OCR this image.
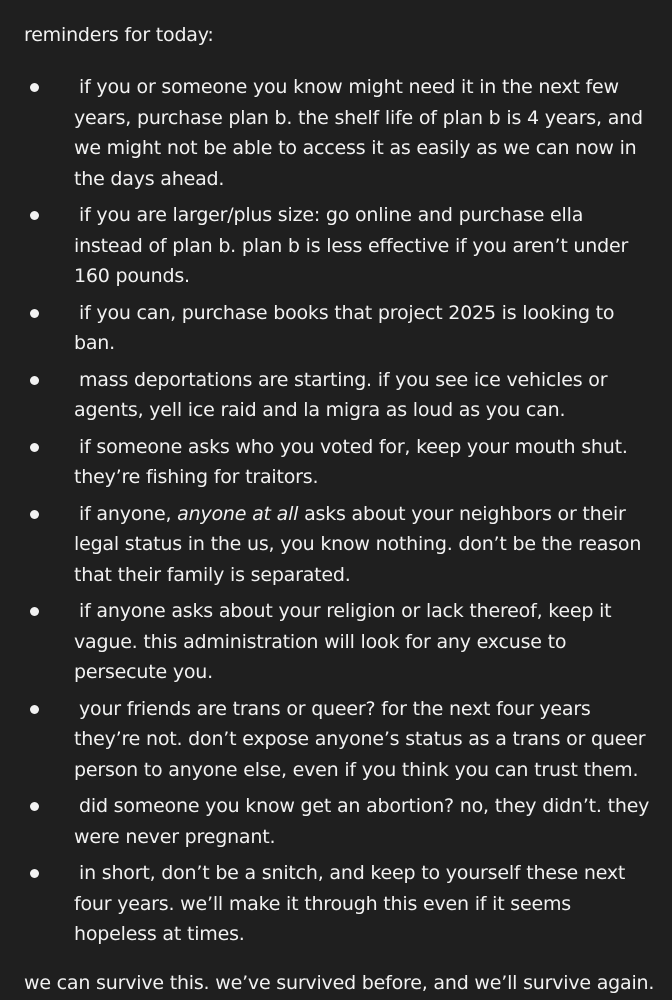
reminders for today:

if you or someone you know might need it in the next few years, purchase plan b. the shelf life of plan b is 4 years, and we might not be able to access it as easily as we can now in the days ahead.
if you are larger/plus size: go online and purchase ella instead of plan b. plan b is less effective if you aren’t under 160 pounds.
if you can, purchase books that project 2025 is looking to ban.
mass deportations are starting. if you see ice vehicles or agents, yell ice raid and la migra as loud as you can.
if someone asks who you voted for, keep your mouth shut. they’re fishing for traitors.
if anyone, anyone at all asks about your neighbors or their legal status in the us, you know nothing. don’t be the reason that their family is separated.
if anyone asks about your religion or lack thereof, keep it vague. this administration will look for any excuse to persecute you.
your friends are trans or queer? for the next four years they’re not. don’t expose anyone’s status as a trans or queer person to anyone else, even if you think you can trust them.
did someone you know get an abortion? no, they didn’t. they were never pregnant.
in short, don’t be a snitch, and keep to yourself these next four years. we’ll make it through this even if it seems hopeless at times.

we can survive this. we’ve survived before, and we’ll survive again.
